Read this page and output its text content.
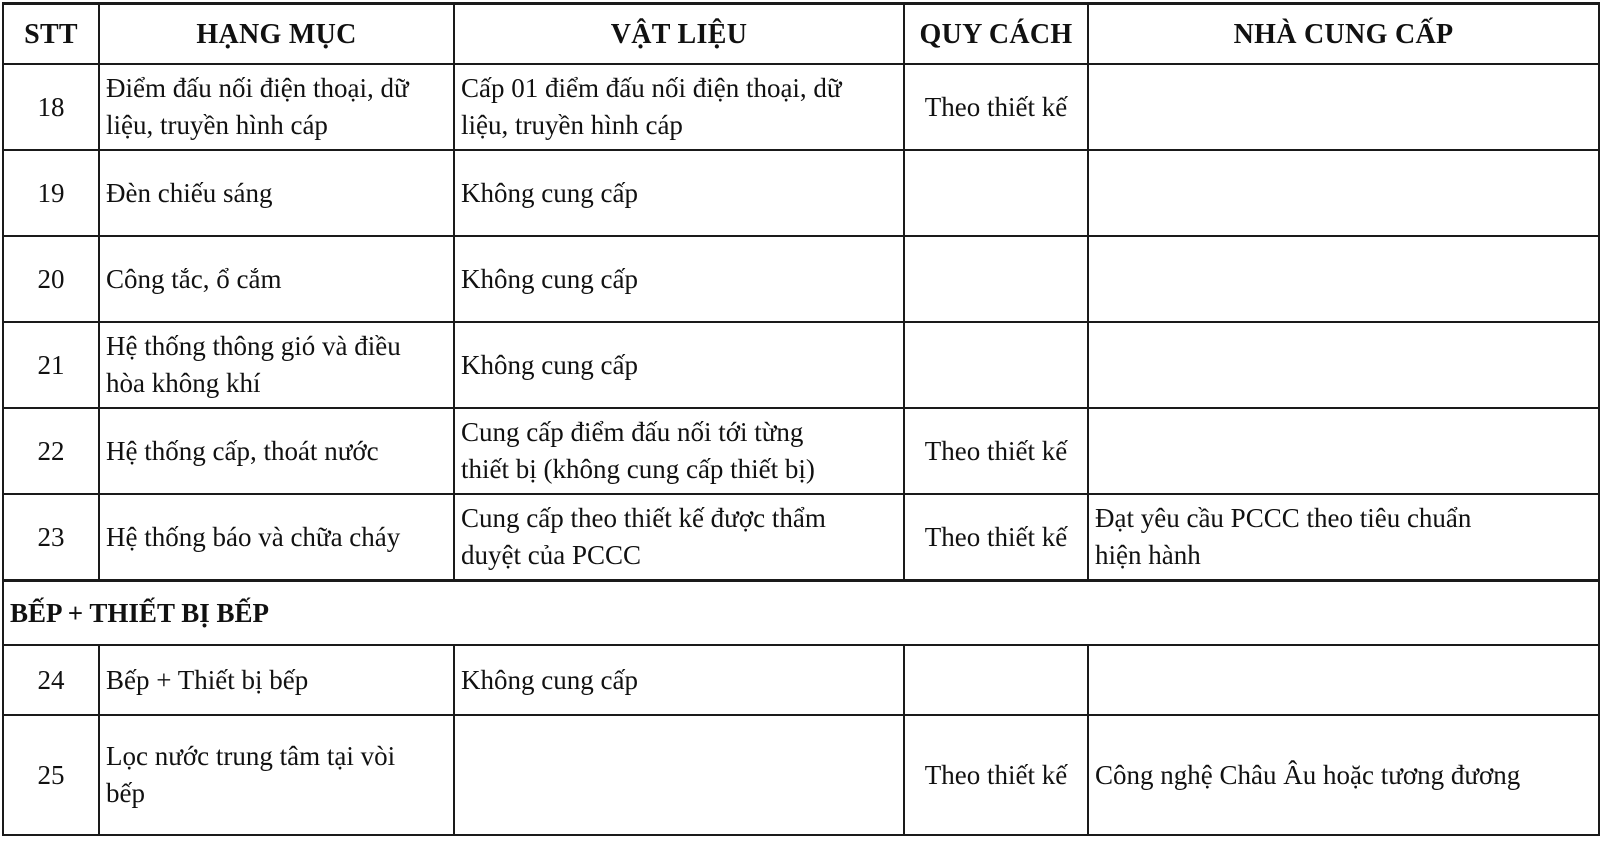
STT	HẠNG MỤC	VẬT LIỆU	QUY CÁCH	NHÀ CUNG CẤP
18	Điểm đấu nối điện thoại, dữ
liệu, truyền hình cáp	Cấp 01 điểm đấu nối điện thoại, dữ
liệu, truyền hình cáp	Theo thiết kế	

19	Đèn chiếu sáng	Không cung cấp		

20	Công tắc, ổ cắm	Không cung cấp		

21	Hệ thống thông gió và điều
hòa không khí	Không cung cấp		

22	Hệ thống cấp, thoát nước	Cung cấp điểm đấu nối tới từng
thiết bị (không cung cấp thiết bị)	Theo thiết kế	

23	Hệ thống báo và chữa cháy	Cung cấp theo thiết kế được thẩm
duyệt của PCCC	Theo thiết kế	Đạt yêu cầu PCCC theo tiêu chuẩn
hiện hành

BẾP + THIẾT BỊ BẾP				
24	Bếp + Thiết bị bếp	Không cung cấp		

25	Lọc nước trung tâm tại vòi
bếp		Theo thiết kế	Công nghệ Châu Âu hoặc tương đương
